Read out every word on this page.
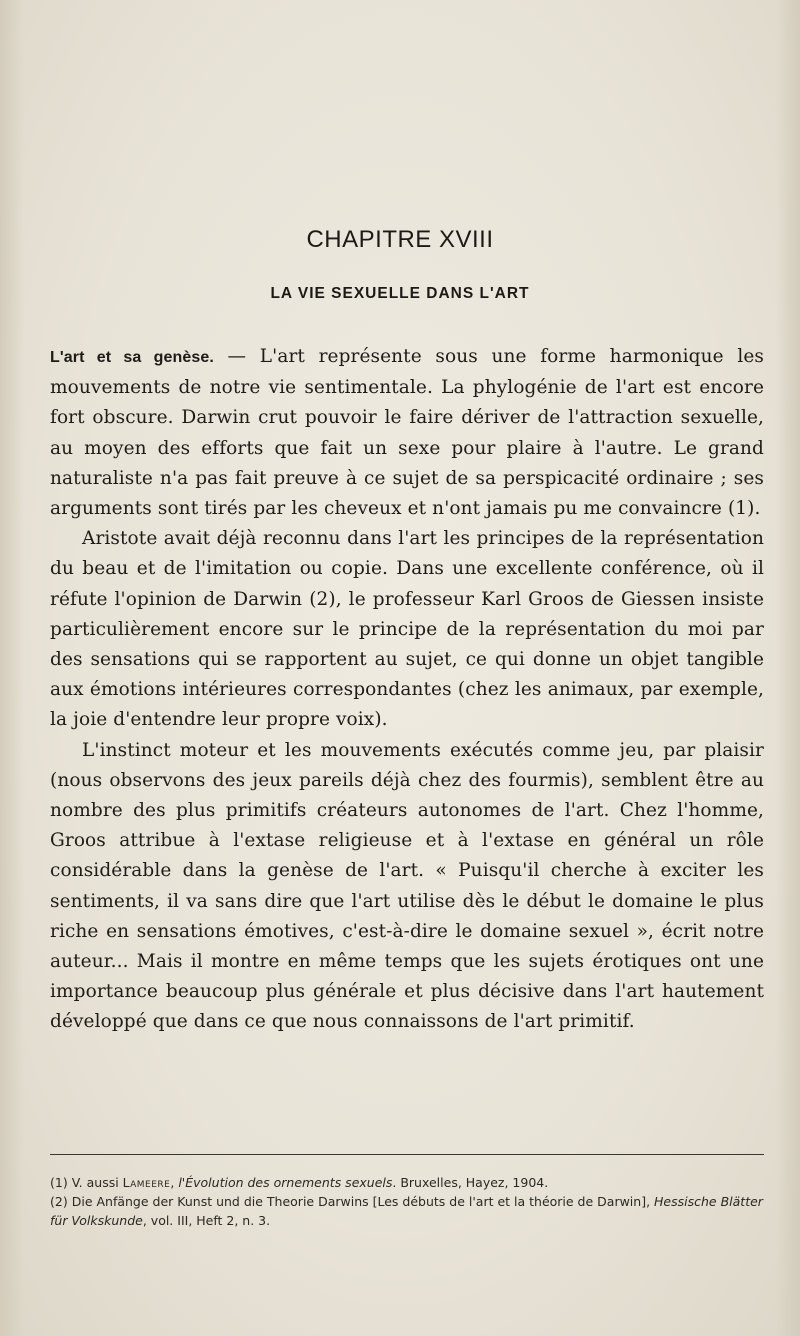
CHAPITRE XVIII
LA VIE SEXUELLE DANS L'ART

L'art et sa genèse. — L'art représente sous une forme harmonique les mouvements de notre vie sentimentale. La phylogénie de l'art est encore fort obscure. Darwin crut pouvoir le faire dériver de l'attraction sexuelle, au moyen des efforts que fait un sexe pour plaire à l'autre. Le grand naturaliste n'a pas fait preuve à ce sujet de sa perspicacité ordinaire ; ses arguments sont tirés par les cheveux et n'ont jamais pu me convaincre (1).

Aristote avait déjà reconnu dans l'art les principes de la représentation du beau et de l'imitation ou copie. Dans une excellente conférence, où il réfute l'opinion de Darwin (2), le professeur Karl Groos de Giessen insiste particulièrement encore sur le principe de la représentation du moi par des sensations qui se rapportent au sujet, ce qui donne un objet tangible aux émotions intérieures correspondantes (chez les animaux, par exemple, la joie d'entendre leur propre voix).

L'instinct moteur et les mouvements exécutés comme jeu, par plaisir (nous observons des jeux pareils déjà chez des fourmis), semblent être au nombre des plus primitifs créateurs autonomes de l'art. Chez l'homme, Groos attribue à l'extase religieuse et à l'extase en général un rôle considérable dans la genèse de l'art. « Puisqu'il cherche à exciter les sentiments, il va sans dire que l'art utilise dès le début le domaine le plus riche en sensations émotives, c'est-à-dire le domaine sexuel », écrit notre auteur... Mais il montre en même temps que les sujets érotiques ont une importance beaucoup plus générale et plus décisive dans l'art hautement développé que dans ce que nous connaissons de l'art primitif.

(1) V. aussi Lameere, l'Évolution des ornements sexuels. Bruxelles, Hayez, 1904.

(2) Die Anfänge der Kunst und die Theorie Darwins [Les débuts de l'art et la théorie de Darwin], Hessische Blätter für Volkskunde, vol. III, Heft 2, n. 3.
